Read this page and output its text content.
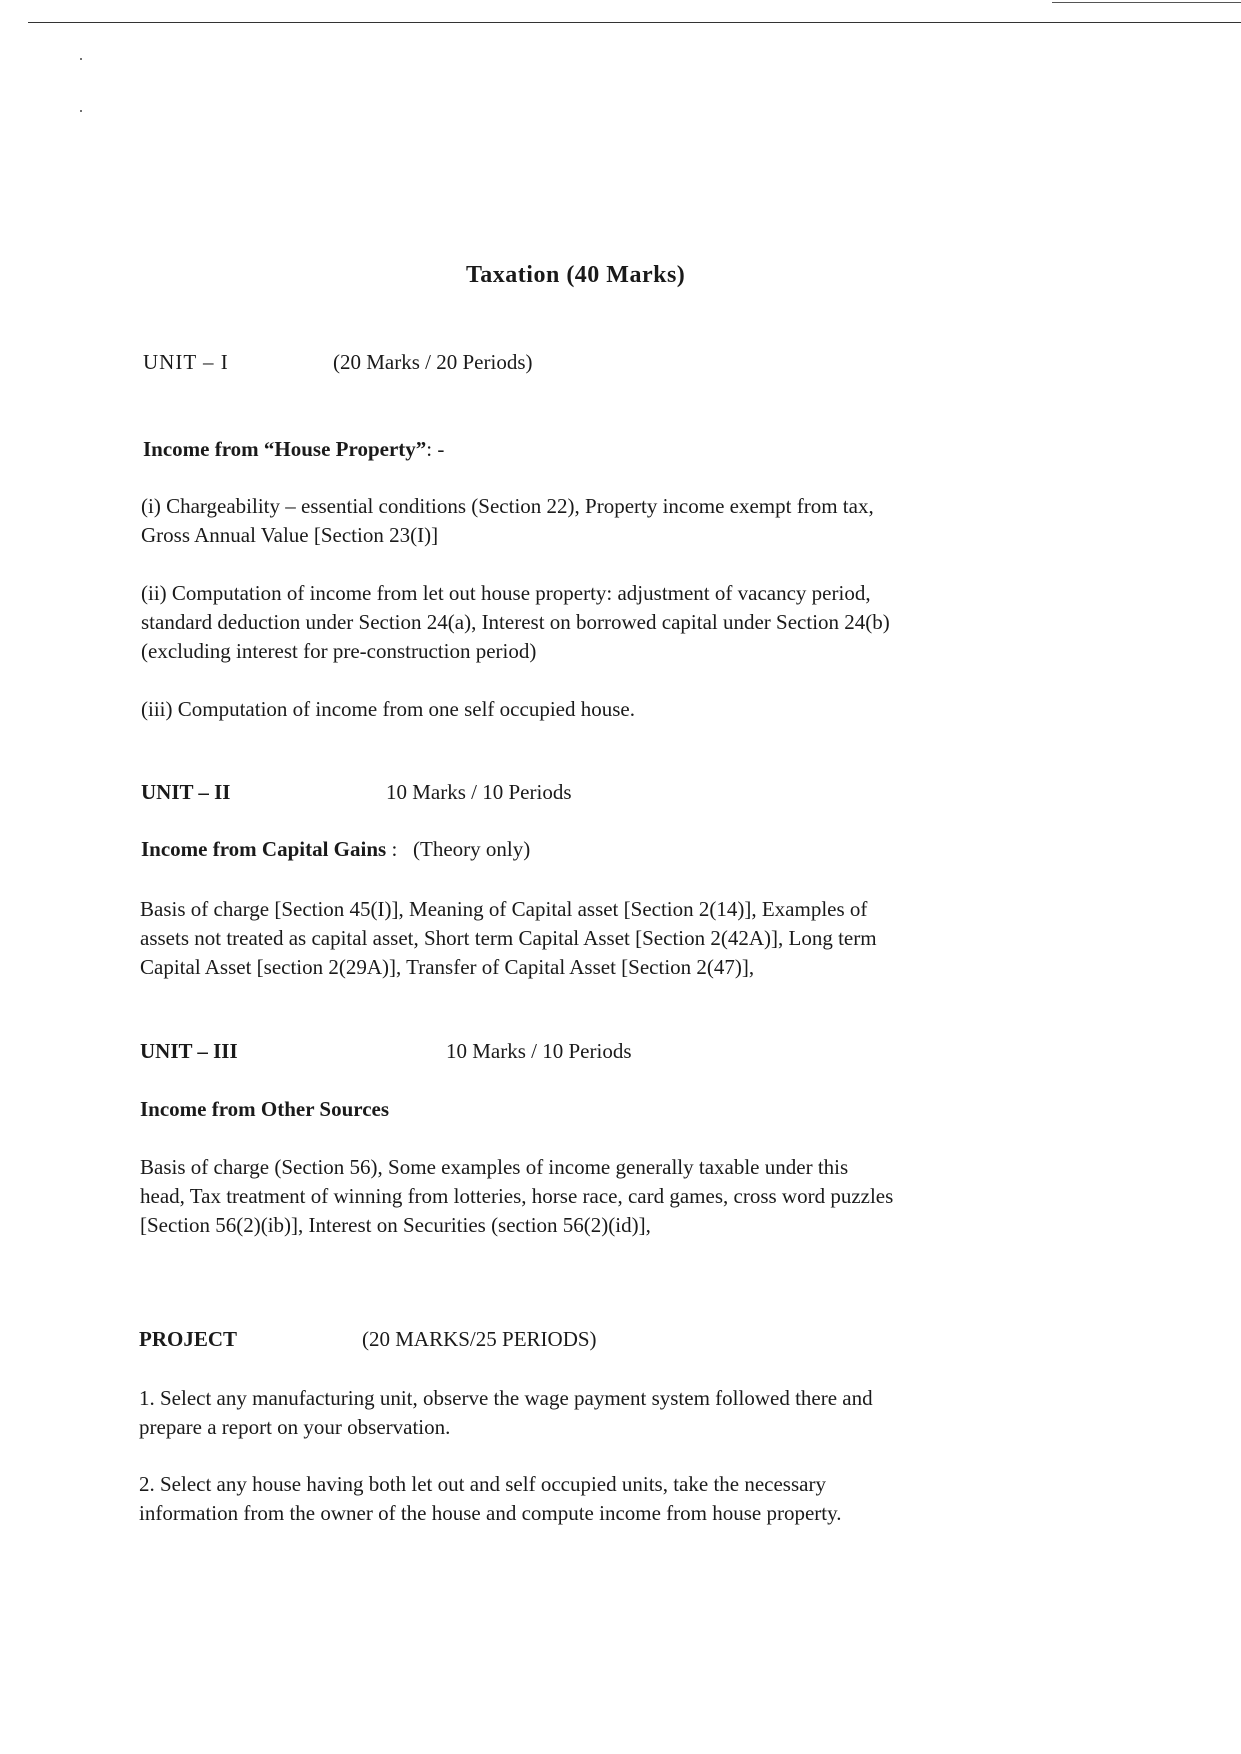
Taxation (40 Marks)
UNIT – I	(20 Marks / 20 Periods)
Income from “House Property”: -
(i) Chargeability – essential conditions (Section 22), Property income exempt from tax,
Gross Annual Value [Section 23(I)]
(ii) Computation of income from let out house property: adjustment of vacancy period,
standard deduction under Section 24(a), Interest on borrowed capital under Section 24(b)
(excluding interest for pre-construction period)
(iii) Computation of income from one self occupied house.
UNIT – II	10 Marks / 10 Periods
Income from Capital Gains :   (Theory only)
Basis of charge [Section 45(I)], Meaning of Capital asset [Section 2(14)], Examples of
assets not treated as capital asset, Short term Capital Asset [Section 2(42A)], Long term
Capital Asset [section 2(29A)], Transfer of Capital Asset [Section 2(47)],
UNIT – III	10 Marks / 10 Periods
Income from Other Sources
Basis of charge (Section 56), Some examples of income generally taxable under this
head, Tax treatment of winning from lotteries, horse race, card games, cross word puzzles
[Section 56(2)(ib)], Interest on Securities (section 56(2)(id)],
PROJECT	(20 MARKS/25 PERIODS)
1. Select any manufacturing unit, observe the wage payment system followed there and
prepare a report on your observation.
2. Select any house having both let out and self occupied units, take the necessary
information from the owner of the house and compute income from house property.
